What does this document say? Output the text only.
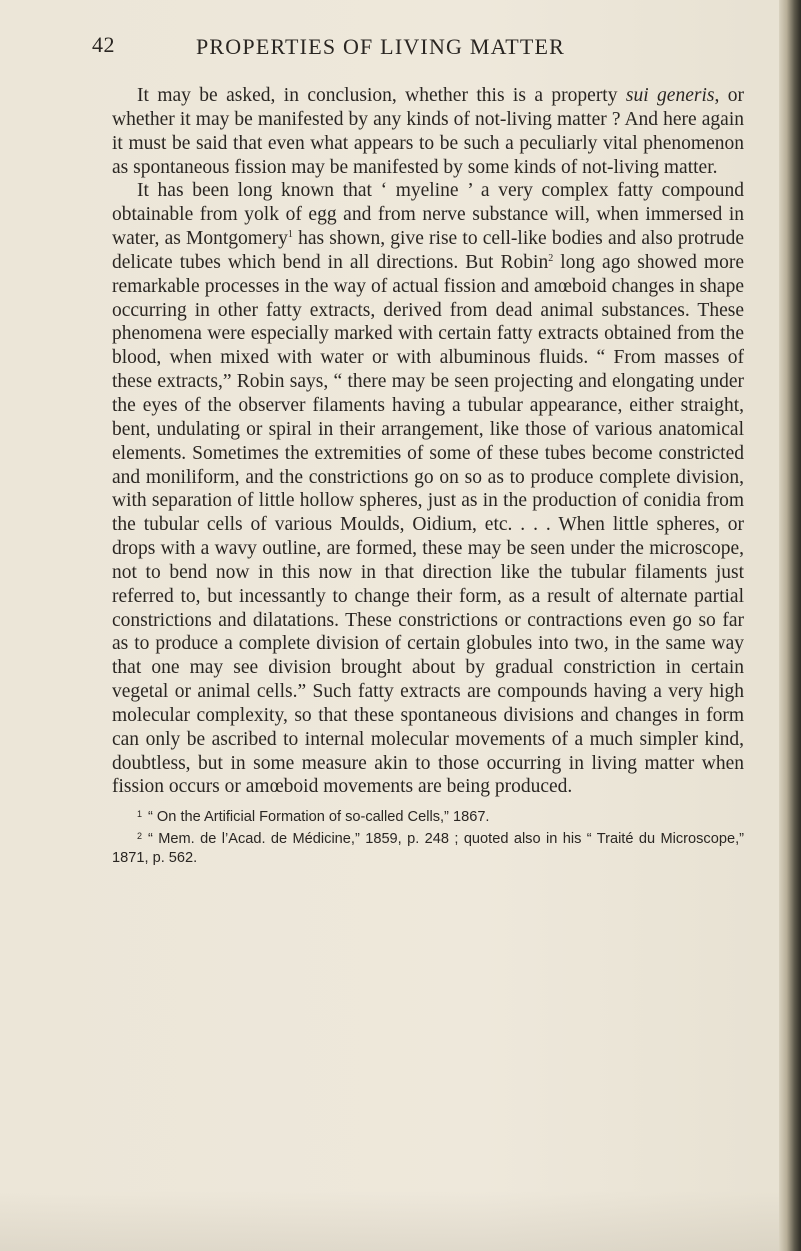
42	PROPERTIES OF LIVING MATTER

It may be asked, in conclusion, whether this is a property sui generis, or whether it may be manifested by any kinds of not-living matter ? And here again it must be said that even what appears to be such a peculiarly vital phenomenon as spontaneous fission may be manifested by some kinds of not-living matter.

It has been long known that ‘ myeline ’ a very complex fatty compound obtainable from yolk of egg and from nerve substance will, when immersed in water, as Montgomery$^1$ has shown, give rise to cell-like bodies and also protrude delicate tubes which bend in all directions. But Robin$^2$ long ago showed more remarkable processes in the way of actual fission and amœboid changes in shape occurring in other fatty extracts, derived from dead animal substances. These phenomena were especially marked with certain fatty extracts obtained from the blood, when mixed with water or with albuminous fluids. “ From masses of these extracts,” Robin says, “ there may be seen projecting and elongating under the eyes of the observer filaments having a tubular appearance, either straight, bent, undulating or spiral in their arrangement, like those of various anatomical elements. Sometimes the extremities of some of these tubes become constricted and moniliform, and the constrictions go on so as to produce complete division, with separation of little hollow spheres, just as in the production of conidia from the tubular cells of various Moulds, Oidium, etc. . . . When little spheres, or drops with a wavy outline, are formed, these may be seen under the microscope, not to bend now in this now in that direction like the tubular filaments just referred to, but incessantly to change their form, as a result of alternate partial constrictions and dilatations. These constrictions or contractions even go so far as to produce a complete division of certain globules into two, in the same way that one may see division brought about by gradual constriction in certain vegetal or animal cells.” Such fatty extracts are compounds having a very high molecular complexity, so that these spontaneous divisions and changes in form can only be ascribed to internal molecular movements of a much simpler kind, doubtless, but in some measure akin to those occurring in living matter when fission occurs or amœboid movements are being produced.

$^1$ “ On the Artificial Formation of so-called Cells,” 1867.

$^2$ “ Mem. de l’Acad. de Médicine,” 1859, p. 248 ; quoted also in his “ Traité du Microscope,” 1871, p. 562.
